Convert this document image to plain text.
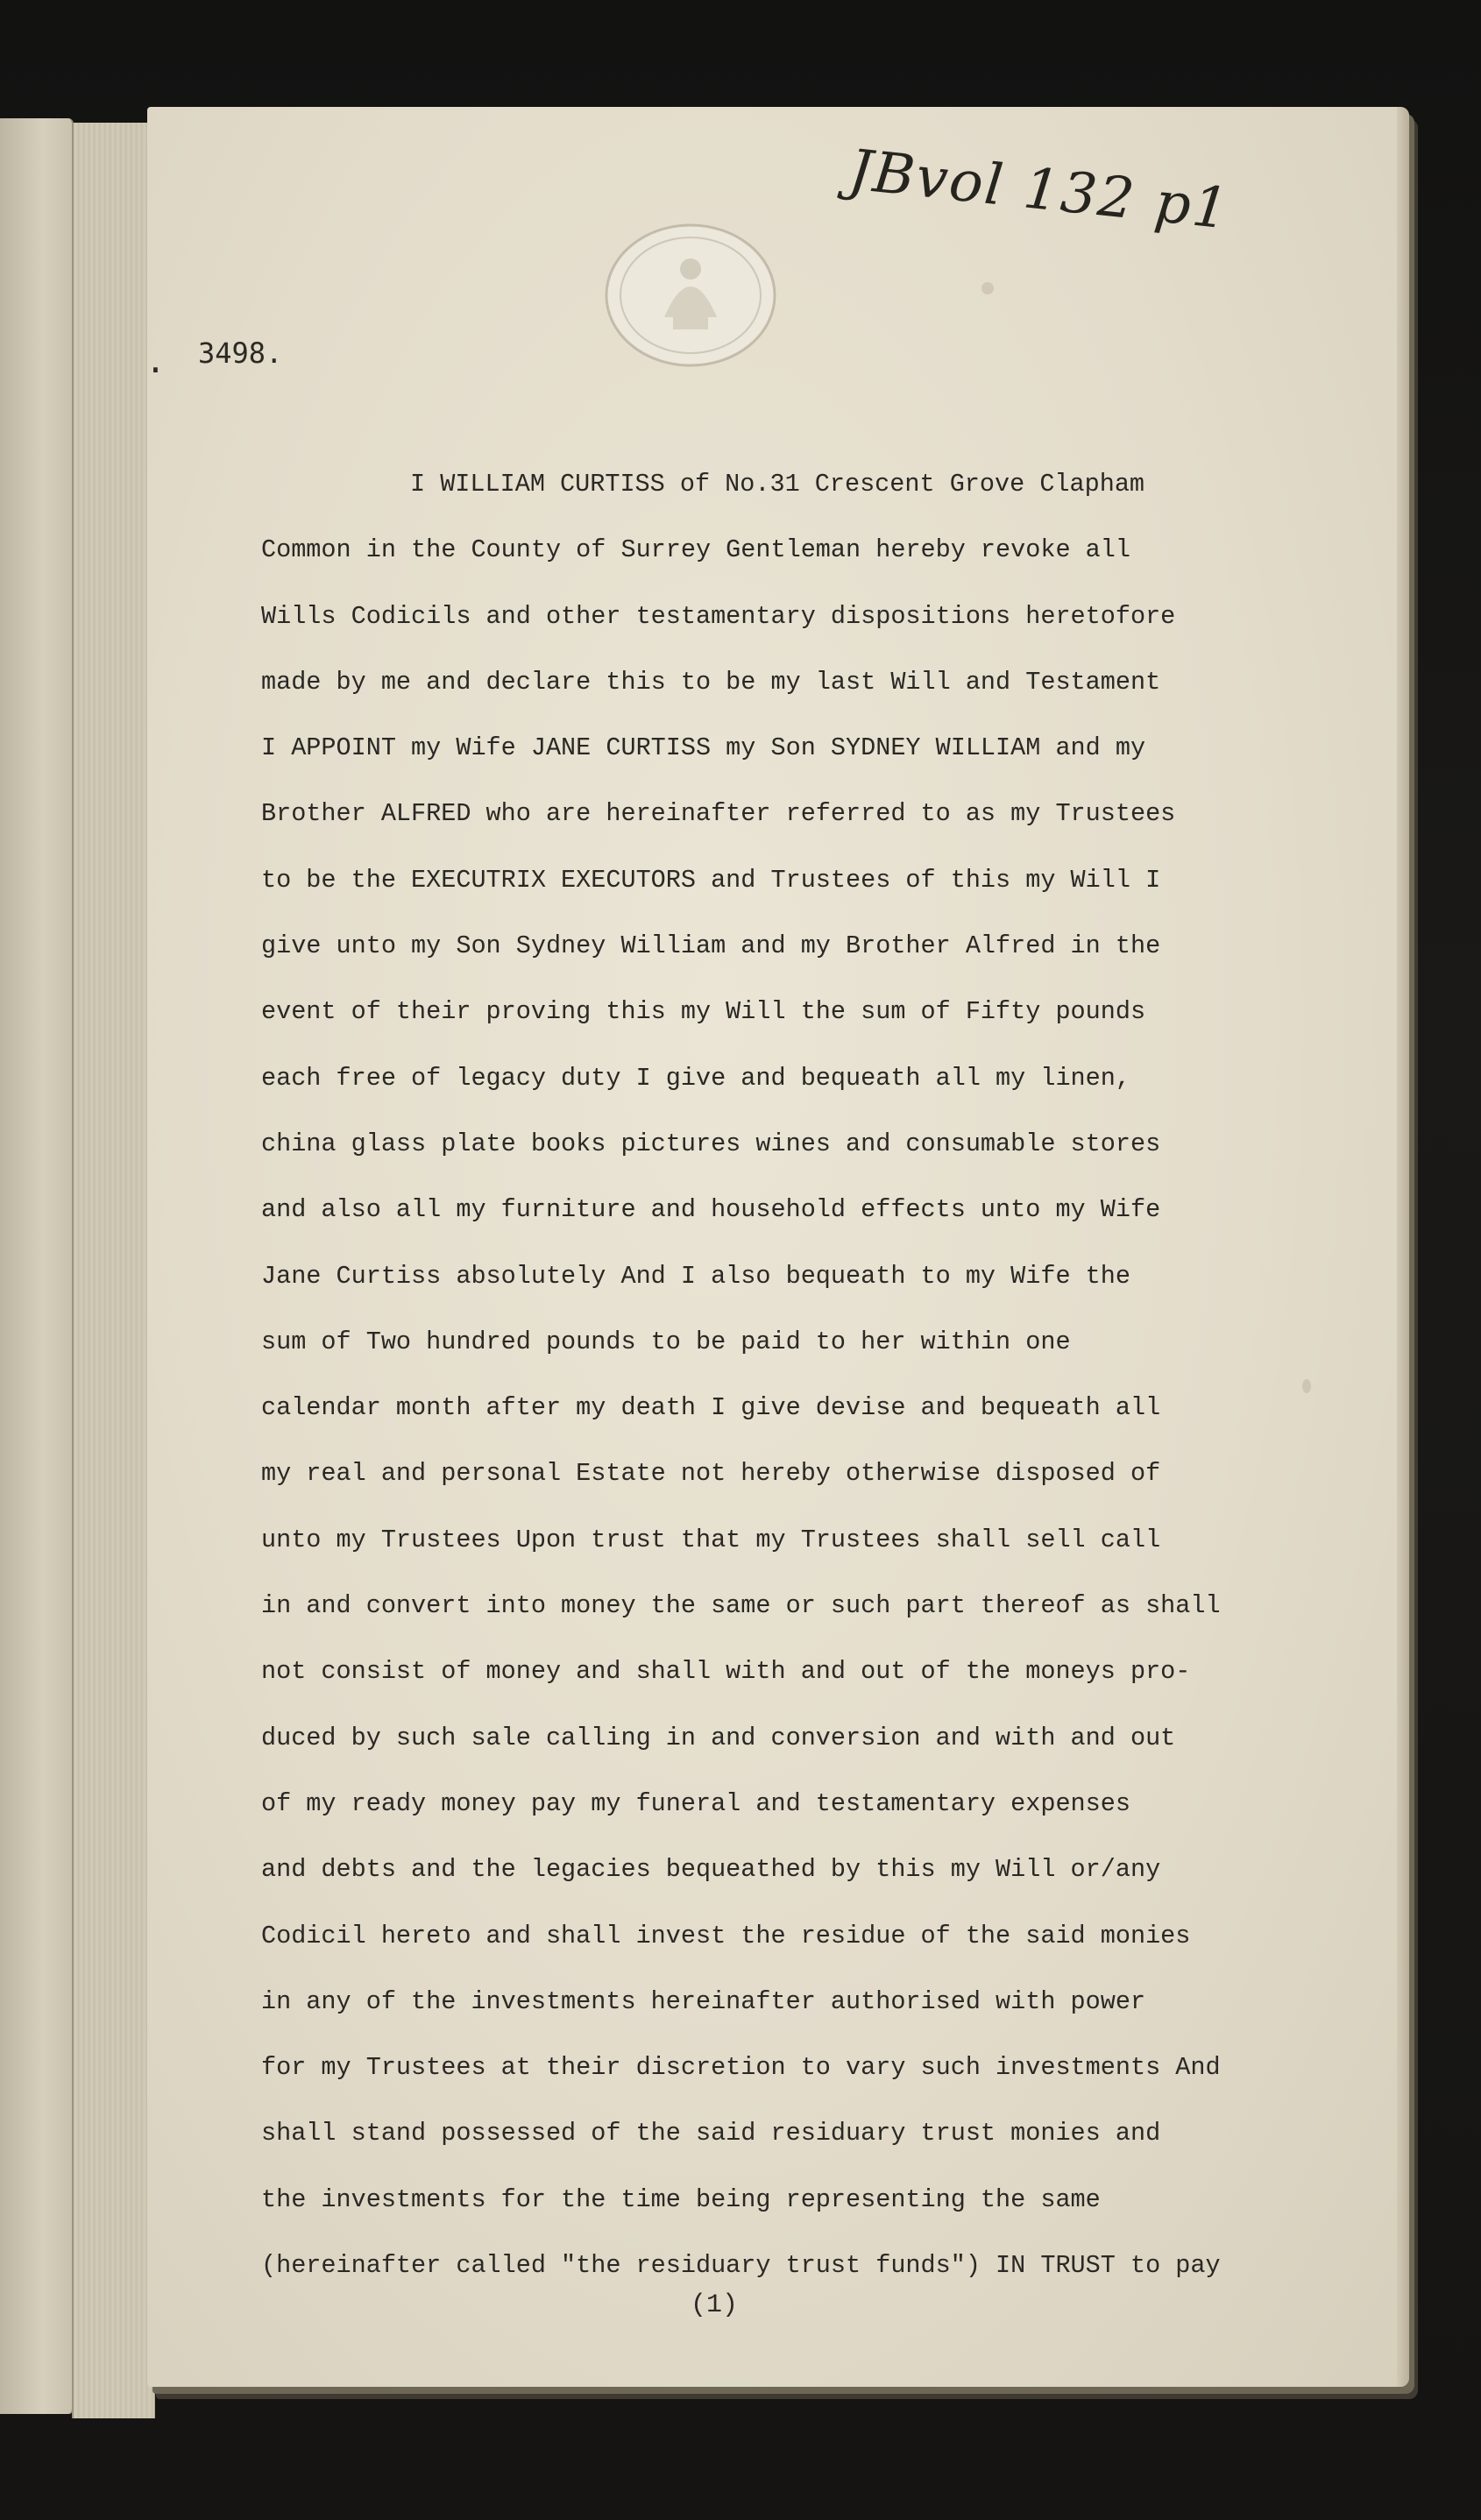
JBvol 132 p1
. 3498.
I WILLIAM CURTISS of No.31 Crescent Grove Clapham
Common in the County of Surrey Gentleman hereby revoke all
Wills Codicils and other testamentary dispositions heretofore
made by me and declare this to be my last Will and Testament
I APPOINT my Wife JANE CURTISS my Son SYDNEY WILLIAM and my
Brother ALFRED who are hereinafter referred to as my Trustees
to be the EXECUTRIX EXECUTORS and Trustees of this my Will I
give unto my Son Sydney William and my Brother Alfred in the
event of their proving this my Will the sum of Fifty pounds
each free of legacy duty I give and bequeath all my linen,
china glass plate books pictures wines and consumable stores
and also all my furniture and household effects unto my Wife
Jane Curtiss absolutely And I also bequeath to my Wife the
sum of Two hundred pounds to be paid to her within one
calendar month after my death I give devise and bequeath all
my real and personal Estate not hereby otherwise disposed of
unto my Trustees Upon trust that my Trustees shall sell call
in and convert into money the same or such part thereof as shall
not consist of money and shall with and out of the moneys pro-
duced by such sale calling in and conversion and with and out
of my ready money pay my funeral and testamentary expenses
and debts and the legacies bequeathed by this my Will or/any
Codicil hereto and shall invest the residue of the said monies
in any of the investments hereinafter authorised with power
for my Trustees at their discretion to vary such investments And
shall stand possessed of the said residuary trust monies and
the investments for the time being representing the same
(hereinafter called "the residuary trust funds") IN TRUST to pay
(1)
